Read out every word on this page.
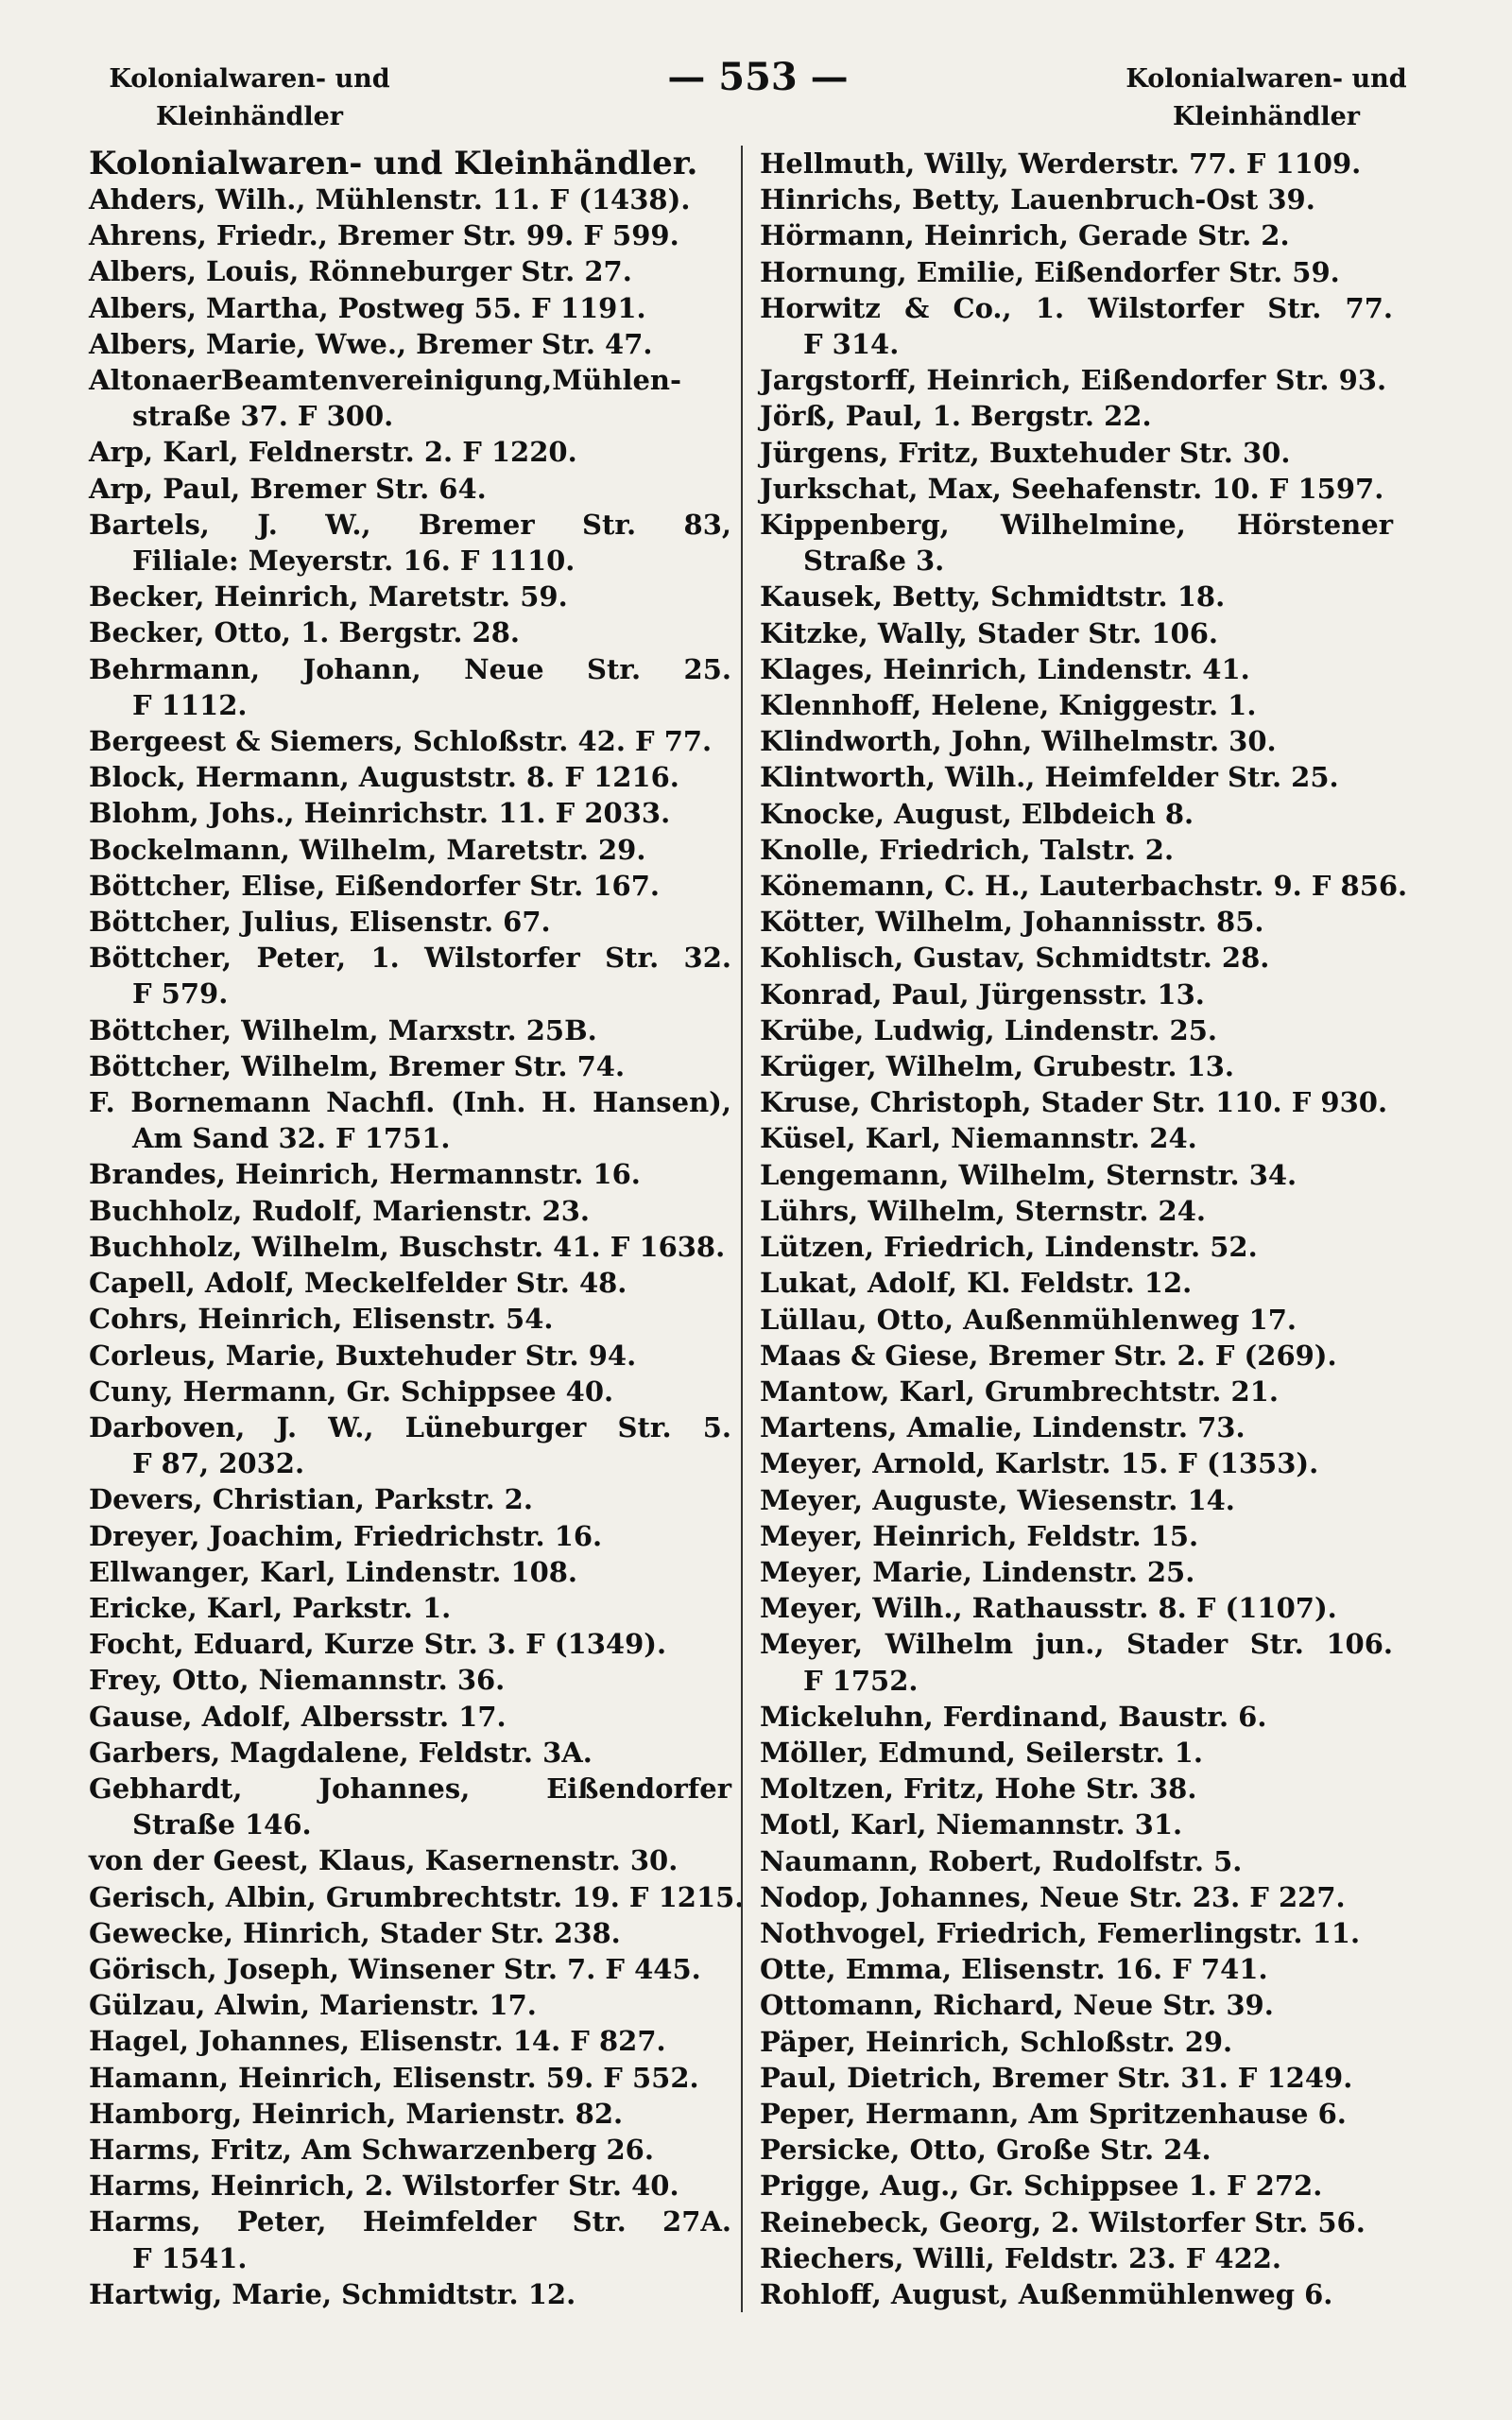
Kolonialwaren- und
Kleinhändler
— 553 —	Kolonialwaren- und
Kleinhändler
Kolonialwaren- und Kleinhändler.
Ahders, Wilh., Mühlenstr. 11. F (1438).
Ahrens, Friedr., Bremer Str. 99. F 599.
Albers, Louis, Rönneburger Str. 27.
Albers, Martha, Postweg 55. F 1191.
Albers, Marie, Wwe., Bremer Str. 47.
AltonaerBeamtenvereinigung,Mühlen-
straße 37. F 300.
Arp, Karl, Feldnerstr. 2. F 1220.
Arp, Paul, Bremer Str. 64.
Bartels, J. W., Bremer Str. 83,
Filiale: Meyerstr. 16. F 1110.
Becker, Heinrich, Maretstr. 59.
Becker, Otto, 1. Bergstr. 28.
Behrmann, Johann, Neue Str. 25.
F 1112.
Bergeest & Siemers, Schloßstr. 42. F 77.
Block, Hermann, Auguststr. 8. F 1216.
Blohm, Johs., Heinrichstr. 11. F 2033.
Bockelmann, Wilhelm, Maretstr. 29.
Böttcher, Elise, Eißendorfer Str. 167.
Böttcher, Julius, Elisenstr. 67.
Böttcher, Peter, 1. Wilstorfer Str. 32.
F 579.
Böttcher, Wilhelm, Marxstr. 25B.
Böttcher, Wilhelm, Bremer Str. 74.
F. Bornemann Nachfl. (Inh. H. Hansen),
Am Sand 32. F 1751.
Brandes, Heinrich, Hermannstr. 16.
Buchholz, Rudolf, Marienstr. 23.
Buchholz, Wilhelm, Buschstr. 41. F 1638.
Capell, Adolf, Meckelfelder Str. 48.
Cohrs, Heinrich, Elisenstr. 54.
Corleus, Marie, Buxtehuder Str. 94.
Cuny, Hermann, Gr. Schippsee 40.
Darboven, J. W., Lüneburger Str. 5.
F 87, 2032.
Devers, Christian, Parkstr. 2.
Dreyer, Joachim, Friedrichstr. 16.
Ellwanger, Karl, Lindenstr. 108.
Ericke, Karl, Parkstr. 1.
Focht, Eduard, Kurze Str. 3. F (1349).
Frey, Otto, Niemannstr. 36.
Gause, Adolf, Albersstr. 17.
Garbers, Magdalene, Feldstr. 3A.
Gebhardt, Johannes, Eißendorfer
Straße 146.
von der Geest, Klaus, Kasernenstr. 30.
Gerisch, Albin, Grumbrechtstr. 19. F 1215.
Gewecke, Hinrich, Stader Str. 238.
Görisch, Joseph, Winsener Str. 7. F 445.
Gülzau, Alwin, Marienstr. 17.
Hagel, Johannes, Elisenstr. 14. F 827.
Hamann, Heinrich, Elisenstr. 59. F 552.
Hamborg, Heinrich, Marienstr. 82.
Harms, Fritz, Am Schwarzenberg 26.
Harms, Heinrich, 2. Wilstorfer Str. 40.
Harms, Peter, Heimfelder Str. 27A.
F 1541.
Hartwig, Marie, Schmidtstr. 12.
Hellmuth, Willy, Werderstr. 77. F 1109.
Hinrichs, Betty, Lauenbruch-Ost 39.
Hörmann, Heinrich, Gerade Str. 2.
Hornung, Emilie, Eißendorfer Str. 59.
Horwitz & Co., 1. Wilstorfer Str. 77.
F 314.
Jargstorff, Heinrich, Eißendorfer Str. 93.
Jörß, Paul, 1. Bergstr. 22.
Jürgens, Fritz, Buxtehuder Str. 30.
Jurkschat, Max, Seehafenstr. 10. F 1597.
Kippenberg, Wilhelmine, Hörstener
Straße 3.
Kausek, Betty, Schmidtstr. 18.
Kitzke, Wally, Stader Str. 106.
Klages, Heinrich, Lindenstr. 41.
Klennhoff, Helene, Kniggestr. 1.
Klindworth, John, Wilhelmstr. 30.
Klintworth, Wilh., Heimfelder Str. 25.
Knocke, August, Elbdeich 8.
Knolle, Friedrich, Talstr. 2.
Könemann, C. H., Lauterbachstr. 9. F 856.
Kötter, Wilhelm, Johannisstr. 85.
Kohlisch, Gustav, Schmidtstr. 28.
Konrad, Paul, Jürgensstr. 13.
Krübe, Ludwig, Lindenstr. 25.
Krüger, Wilhelm, Grubestr. 13.
Kruse, Christoph, Stader Str. 110. F 930.
Küsel, Karl, Niemannstr. 24.
Lengemann, Wilhelm, Sternstr. 34.
Lührs, Wilhelm, Sternstr. 24.
Lützen, Friedrich, Lindenstr. 52.
Lukat, Adolf, Kl. Feldstr. 12.
Lüllau, Otto, Außenmühlenweg 17.
Maas & Giese, Bremer Str. 2. F (269).
Mantow, Karl, Grumbrechtstr. 21.
Martens, Amalie, Lindenstr. 73.
Meyer, Arnold, Karlstr. 15. F (1353).
Meyer, Auguste, Wiesenstr. 14.
Meyer, Heinrich, Feldstr. 15.
Meyer, Marie, Lindenstr. 25.
Meyer, Wilh., Rathausstr. 8. F (1107).
Meyer, Wilhelm jun., Stader Str. 106.
F 1752.
Mickeluhn, Ferdinand, Baustr. 6.
Möller, Edmund, Seilerstr. 1.
Moltzen, Fritz, Hohe Str. 38.
Motl, Karl, Niemannstr. 31.
Naumann, Robert, Rudolfstr. 5.
Nodop, Johannes, Neue Str. 23. F 227.
Nothvogel, Friedrich, Femerlingstr. 11.
Otte, Emma, Elisenstr. 16. F 741.
Ottomann, Richard, Neue Str. 39.
Päper, Heinrich, Schloßstr. 29.
Paul, Dietrich, Bremer Str. 31. F 1249.
Peper, Hermann, Am Spritzenhause 6.
Persicke, Otto, Große Str. 24.
Prigge, Aug., Gr. Schippsee 1. F 272.
Reinebeck, Georg, 2. Wilstorfer Str. 56.
Riechers, Willi, Feldstr. 23. F 422.
Rohloff, August, Außenmühlenweg 6.
